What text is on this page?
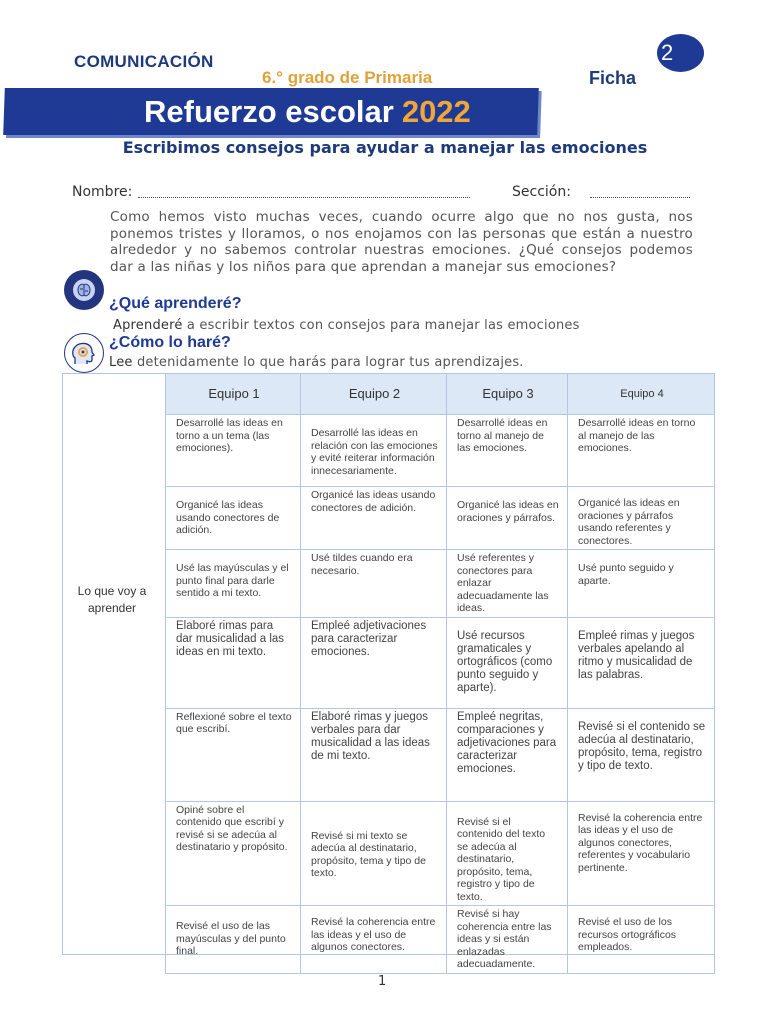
COMUNICACIÓN
6.° grado de Primaria	Ficha
2
Refuerzo escolar 2022
Escribimos consejos para ayudar a manejar las emociones
Nombre:	Sección:
Como hemos visto muchas veces, cuando ocurre algo que no nos gusta, nos ponemos tristes y lloramos, o nos enojamos con las personas que están a nuestro alrededor y no sabemos controlar nuestras emociones. ¿Qué consejos podemos dar a las niñas y los niños para que aprendan a manejar sus emociones?
¿Qué aprenderé?
Aprenderé a escribir textos con consejos para manejar las emociones
¿Cómo lo haré?
Lee detenidamente lo que harás para lograr tus aprendizajes.
Lo que voy a aprender
Equipo 1	Equipo 2	Equipo 3	Equipo 4
Desarrollé las ideas en torno a un tema (las emociones).	Desarrollé las ideas en relación con las emociones y evité reiterar información innecesariamente.	Desarrollé ideas en torno al manejo de las emociones.	Desarrollé ideas en torno al manejo de las emociones.
Organicé las ideas usando conectores de adición.	Organicé las ideas usando conectores de adición.	Organicé las ideas en oraciones y párrafos.	Organicé las ideas en oraciones y párrafos usando referentes y conectores.
Usé las mayúsculas y el punto final para darle sentido a mi texto.	Usé tildes cuando era necesario.	Usé referentes y conectores para enlazar adecuadamente las ideas.	Usé punto seguido y aparte.
Elaboré rimas para dar musicalidad a las ideas en mi texto.	Empleé adjetivaciones para caracterizar emociones.	Usé recursos gramaticales y ortográficos (como punto seguido y aparte).	Empleé rimas y juegos verbales apelando al ritmo y musicalidad de las palabras.
Reflexioné sobre el texto que escribí.	Elaboré rimas y juegos verbales para dar musicalidad a las ideas de mi texto.	Empleé negritas, comparaciones y adjetivaciones para caracterizar emociones.	Revisé si el contenido se adecúa al destinatario, propósito, tema, registro y tipo de texto.
Opiné sobre el contenido que escribí y revisé si se adecúa al destinatario y propósito.	Revisé si mi texto se adecúa al destinatario, propósito, tema y tipo de texto.	Revisé si el contenido del texto se adecúa al destinatario, propósito, tema, registro y tipo de texto.	Revisé la coherencia entre las ideas y el uso de algunos conectores, referentes y vocabulario pertinente.
Revisé el uso de las mayúsculas y del punto final.	Revisé la coherencia entre las ideas y el uso de algunos conectores.	Revisé si hay coherencia entre las ideas y si están enlazadas adecuadamente.	Revisé el uso de los recursos ortográficos empleados.
1
